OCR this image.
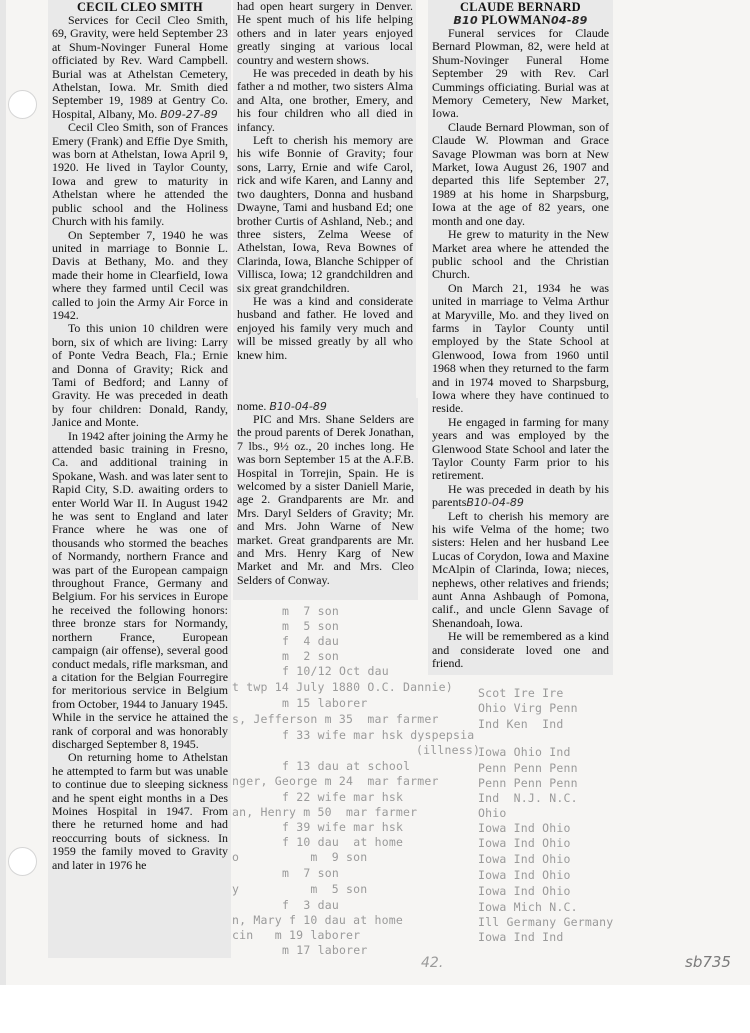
m  7 son
m  5 son
f  4 dau
m  2 son
f 10/12 Oct dau
t twp 14 July 1880 O.C. Dannie)
m 15 laborer
s, Jefferson m 35  mar farmer
f 33 wife mar hsk dyspepsia
(illness)
f 13 dau at school
nger, George m 24  mar farmer
f 22 wife mar hsk
an, Henry m 50  mar farmer
f 39 wife mar hsk
f 10 dau  at home
o          m  9 son
m  7 son
y          m  5 son
f  3 dau
n, Mary f 10 dau at home
cin   m 19 laborer
m 17 laborer
Scot Ire Ire
Ohio Virg Penn
Ind Ken  Ind
Iowa Ohio Ind
Penn Penn Penn
Penn Penn Penn
Ind  N.J. N.C.
Ohio
Iowa Ind Ohio
Iowa Ind Ohio
Iowa Ind Ohio
Iowa Ind Ohio
Iowa Ind Ohio
Iowa Mich N.C.
Ill Germany Germany
Iowa Ind Ind
CECIL CLEO SMITH

Services for Cecil Cleo Smith, 69, Gravity, were held September 23 at Shum-Novinger Funeral Home officiated by Rev. Ward Campbell. Burial was at Athelstan Cemetery, Athelstan, Iowa. Mr. Smith died September 19, 1989 at Gentry Co. Hospital, Albany, Mo. B09-27-89

Cecil Cleo Smith, son of Frances Emery (Frank) and Effie Dye Smith, was born at Athelstan, Iowa April 9, 1920. He lived in Taylor County, Iowa and grew to maturity in Athelstan where he attended the public school and the Holiness Church with his family.

On September 7, 1940 he was united in marriage to Bonnie L. Davis at Bethany, Mo. and they made their home in Clearfield, Iowa where they farmed until Cecil was called to join the Army Air Force in 1942.

To this union 10 children were born, six of which are living: Larry of Ponte Vedra Beach, Fla.; Ernie and Donna of Gravity; Rick and Tami of Bedford; and Lanny of Gravity. He was preceded in death by four children: Donald, Randy, Janice and Monte.

In 1942 after joining the Army he attended basic training in Fresno, Ca. and additional training in Spokane, Wash. and was later sent to Rapid City, S.D. awaiting orders to enter World War II. In August 1942 he was sent to England and later France where he was one of thousands who stormed the beaches of Normandy, northern France and was part of the European campaign throughout France, Germany and Belgium. For his services in Europe he received the following honors: three bronze stars for Normandy, northern France, European campaign (air offense), several good conduct medals, rifle marksman, and a citation for the Belgian Fourregire for meritorious service in Belgium from October, 1944 to January 1945. While in the service he attained the rank of corporal and was honorably discharged September 8, 1945.

On returning home to Athelstan he attempted to farm but was unable to continue due to sleeping sickness and he spent eight months in a Des Moines Hospital in 1947. From there he returned home and had reoccurring bouts of sickness. In 1959 the family moved to Gravity and later in 1976 he

had open heart surgery in Denver. He spent much of his life helping others and in later years enjoyed greatly singing at various local country and western shows.

He was preceded in death by his father a nd mother, two sisters Alma and Alta, one brother, Emery, and his four children who all died in infancy.

Left to cherish his memory are his wife Bonnie of Gravity; four sons, Larry, Ernie and wife Carol, rick and wife Karen, and Lanny and two daughters, Donna and husband Dwayne, Tami and husband Ed; one brother Curtis of Ashland, Neb.; and three sisters, Zelma Weese of Athelstan, Iowa, Reva Bownes of Clarinda, Iowa, Blanche Schipper of Villisca, Iowa; 12 grandchildren and six great grandchildren.

He was a kind and considerate husband and father. He loved and enjoyed his family very much and will be missed greatly by all who knew him.

nome. B10-04-89

PIC and Mrs. Shane Selders are the proud parents of Derek Jonathan, 7 lbs., 9½ oz., 20 inches long. He was born September 15 at the A.F.B. Hospital in Torrejin, Spain. He is welcomed by a sister Daniell Marie, age 2. Grandparents are Mr. and Mrs. Daryl Selders of Gravity; Mr. and Mrs. John Warne of New market. Great grandparents are Mr. and Mrs. Henry Karg of New Market and Mr. and Mrs. Cleo Selders of Conway.

CLAUDE BERNARD
B10 PLOWMAN04-89

Funeral services for Claude Bernard Plowman, 82, were held at Shum-Novinger Funeral Home September 29 with Rev. Carl Cummings officiating. Burial was at Memory Cemetery, New Market, Iowa.

Claude Bernard Plowman, son of Claude W. Plowman and Grace Savage Plowman was born at New Market, Iowa August 26, 1907 and departed this life September 27, 1989 at his home in Sharpsburg, Iowa at the age of 82 years, one month and one day.

He grew to maturity in the New Market area where he attended the public school and the Christian Church.

On March 21, 1934 he was united in marriage to Velma Arthur at Maryville, Mo. and they lived on farms in Taylor County until employed by the State School at Glenwood, Iowa from 1960 until 1968 when they returned to the farm and in 1974 moved to Sharpsburg, Iowa where they have continued to reside.

He engaged in farming for many years and was employed by the Glenwood State School and later the Taylor County Farm prior to his retirement.

He was preceded in death by his parentsB10-04-89

Left to cherish his memory are his wife Velma of the home; two sisters: Helen and her husband Lee Lucas of Corydon, Iowa and Maxine McAlpin of Clarinda, Iowa; nieces, nephews, other relatives and friends; aunt Anna Ashbaugh of Pomona, calif., and uncle Glenn Savage of Shenandoah, Iowa.

He will be remembered as a kind and considerate loved one and friend.

42.	sb735
